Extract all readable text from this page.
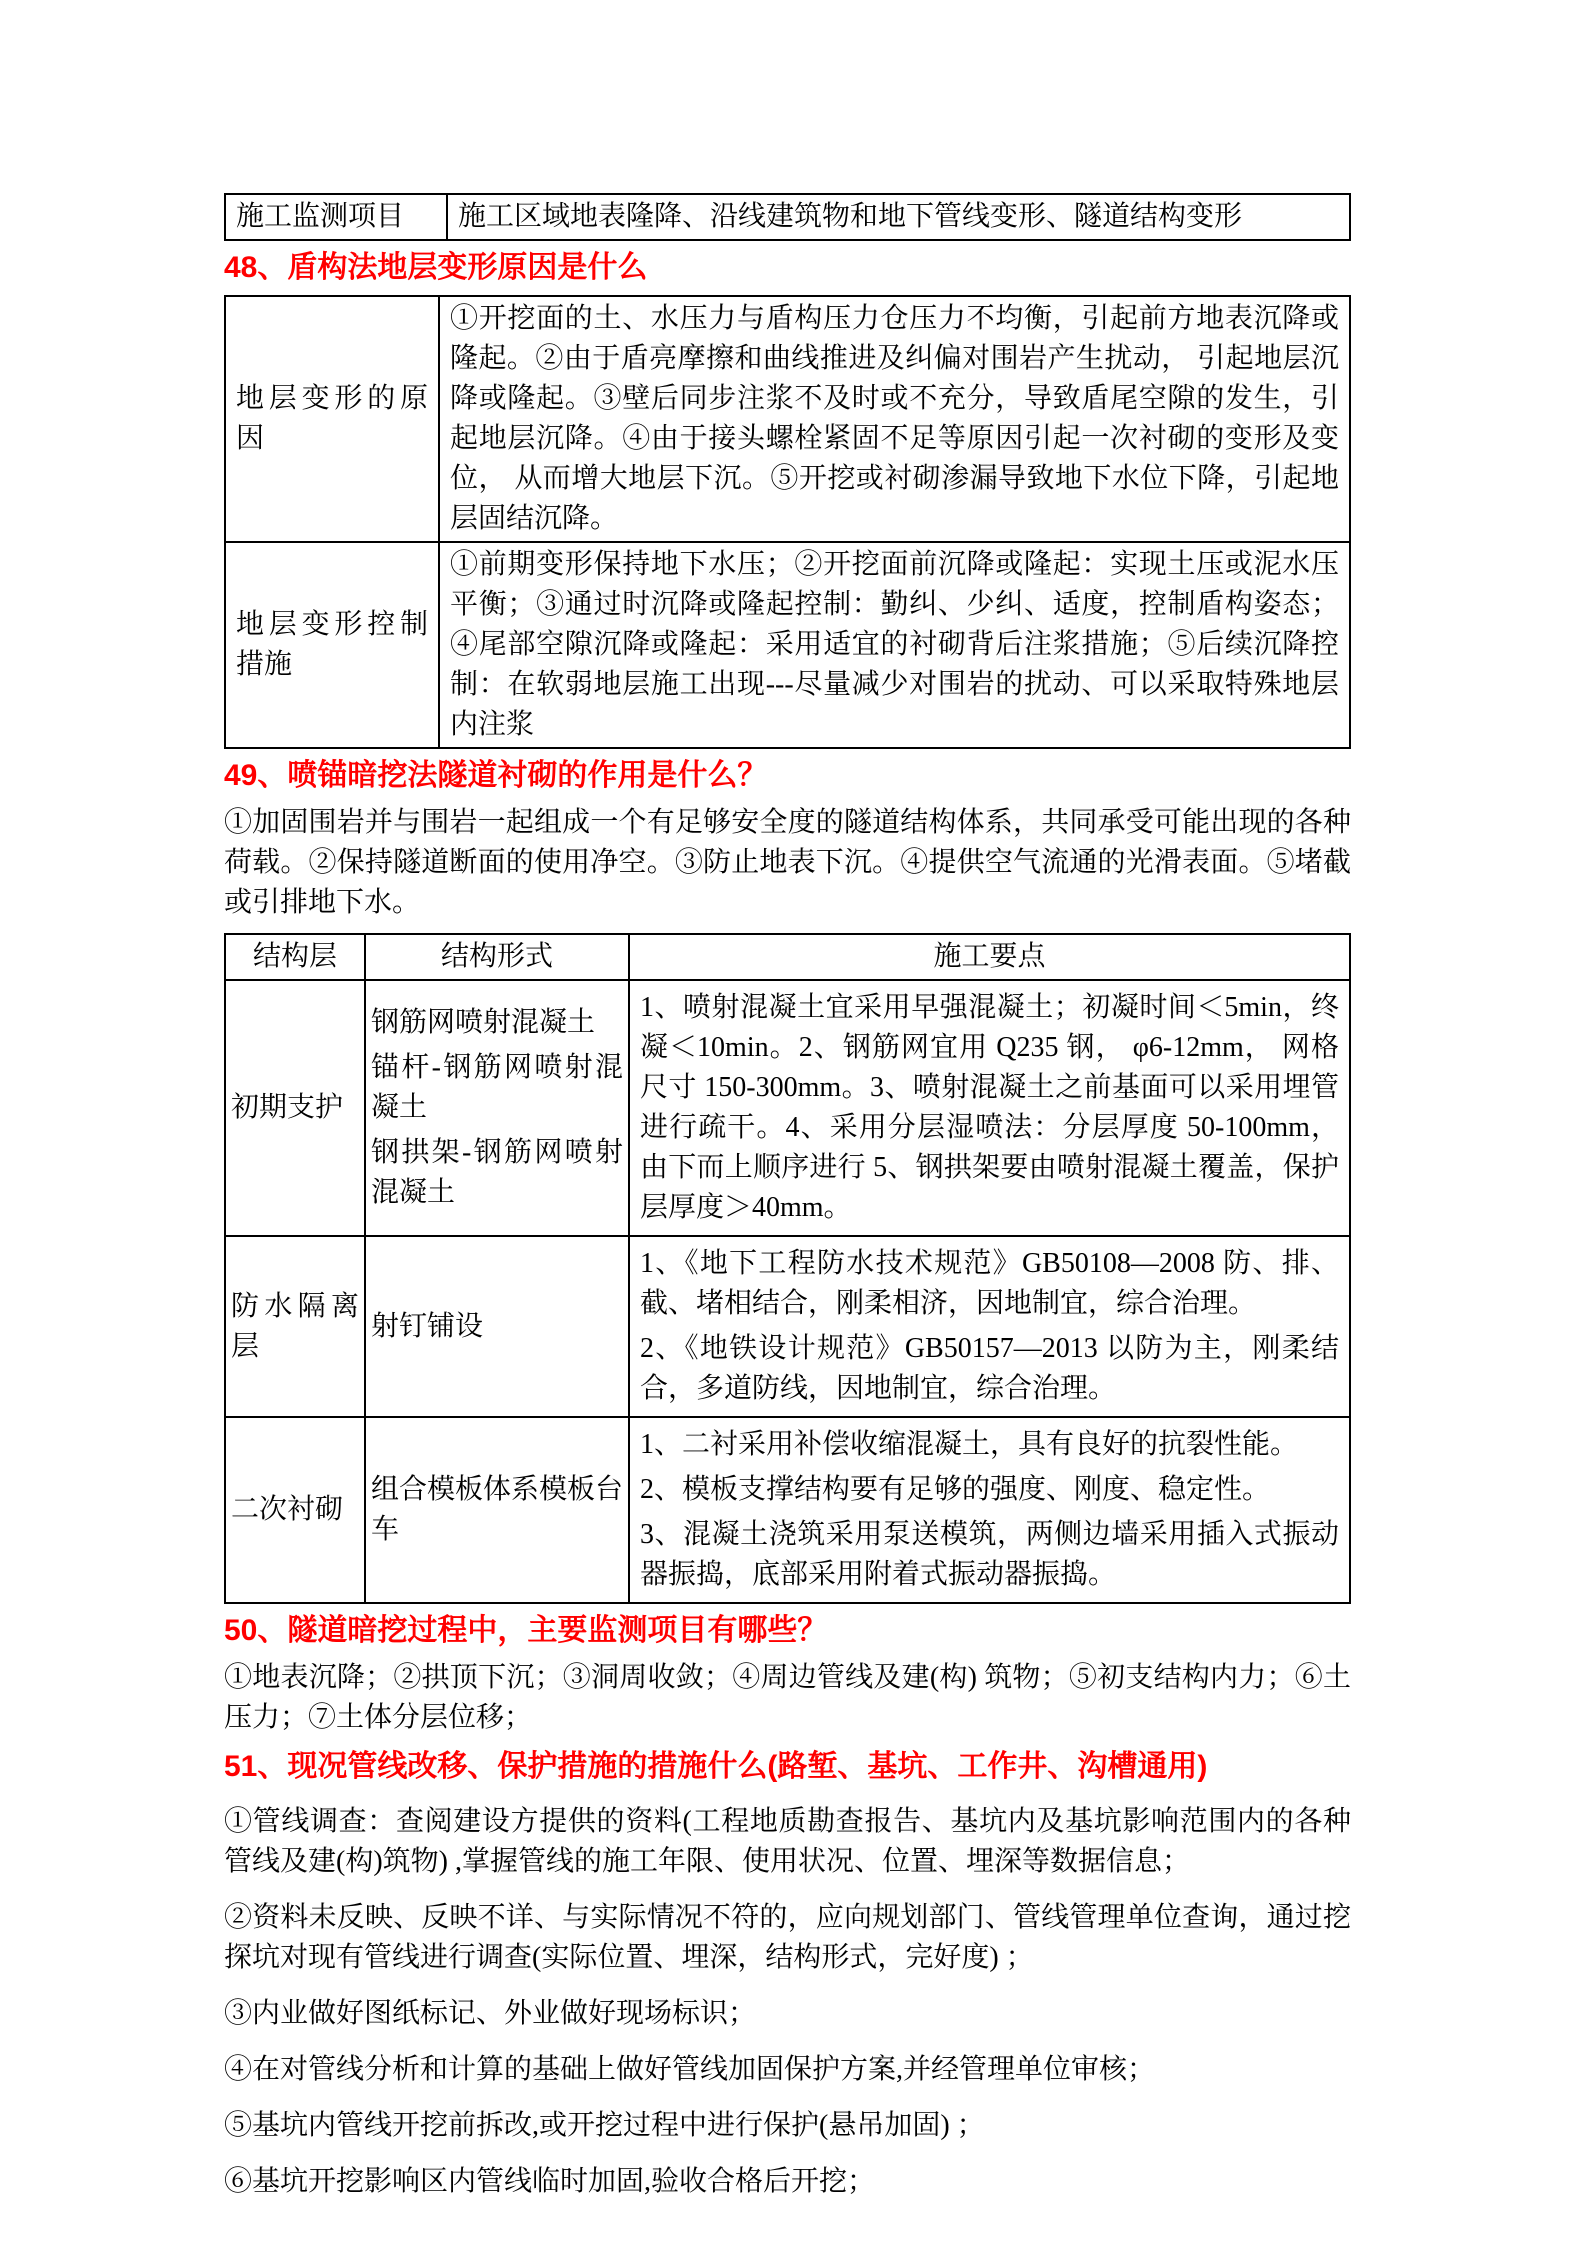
施工监测项目	施工区域地表隆降、沿线建筑物和地下管线变形、隧道结构变形
48、盾构法地层变形原因是什么
地层变形的原因	①开挖面的土、水压力与盾构压力仓压力不均衡，引起前方地表沉降或隆起。②由于盾亮摩擦和曲线推进及纠偏对围岩产生扰动， 引起地层沉降或隆起。③壁后同步注浆不及时或不充分，导致盾尾空隙的发生，引起地层沉降。④由于接头螺栓紧固不足等原因引起一次衬砌的变形及变位， 从而增大地层下沉。⑤开挖或衬砌渗漏导致地下水位下降，引起地层固结沉降。
地层变形控制措施	①前期变形保持地下水压；②开挖面前沉降或隆起：实现土压或泥水压平衡；③通过时沉降或隆起控制：勤纠、少纠、适度，控制盾构姿态；④尾部空隙沉降或隆起：采用适宜的衬砌背后注浆措施；⑤后续沉降控制：在软弱地层施工出现---尽量减少对围岩的扰动、可以采取特殊地层内注浆
49、喷锚暗挖法隧道衬砌的作用是什么？

①加固围岩并与围岩一起组成一个有足够安全度的隧道结构体系，共同承受可能出现的各种荷载。②保持隧道断面的使用净空。③防止地表下沉。④提供空气流通的光滑表面。⑤堵截或引排地下水。

结构层	结构形式	施工要点
初期支护	钢筋网喷射混凝土

锚杆-钢筋网喷射混凝土

钢拱架-钢筋网喷射混凝土	1、喷射混凝土宜采用早强混凝土；初凝时间＜5min，终凝＜10min。2、钢筋网宜用 Q235 钢， φ6-12mm， 网格尺寸 150-300mm。3、喷射混凝土之前基面可以采用埋管进行疏干。4、采用分层湿喷法：分层厚度 50-100mm， 由下而上顺序进行 5、钢拱架要由喷射混凝土覆盖，保护层厚度＞40mm。

防水隔离层	射钉铺设	1、《地下工程防水技术规范》GB50108—2008 防、排、截、堵相结合，刚柔相济，因地制宜，综合治理。

2、《地铁设计规范》GB50157—2013 以防为主，刚柔结合，多道防线，因地制宜，综合治理。

二次衬砌	组合模板体系模板台车	1、二衬采用补偿收缩混凝土，具有良好的抗裂性能。

2、模板支撑结构要有足够的强度、刚度、稳定性。

3、混凝土浇筑采用泵送模筑，两侧边墙采用插入式振动器振捣，底部采用附着式振动器振捣。

50、隧道暗挖过程中，主要监测项目有哪些？

①地表沉降；②拱顶下沉；③洞周收敛；④周边管线及建(构) 筑物；⑤初支结构内力；⑥土压力；⑦土体分层位移；

51、现况管线改移、保护措施的措施什么(路堑、基坑、工作井、沟槽通用)

①管线调查：查阅建设方提供的资料(工程地质勘查报告、基坑内及基坑影响范围内的各种管线及建(构)筑物) ,掌握管线的施工年限、使用状况、位置、埋深等数据信息；

②资料未反映、反映不详、与实际情况不符的，应向规划部门、管线管理单位查询，通过挖探坑对现有管线进行调查(实际位置、埋深，结构形式，完好度) ；

③内业做好图纸标记、外业做好现场标识；

④在对管线分析和计算的基础上做好管线加固保护方案,并经管理单位审核；

⑤基坑内管线开挖前拆改,或开挖过程中进行保护(悬吊加固) ；

⑥基坑开挖影响区内管线临时加固,验收合格后开挖；
